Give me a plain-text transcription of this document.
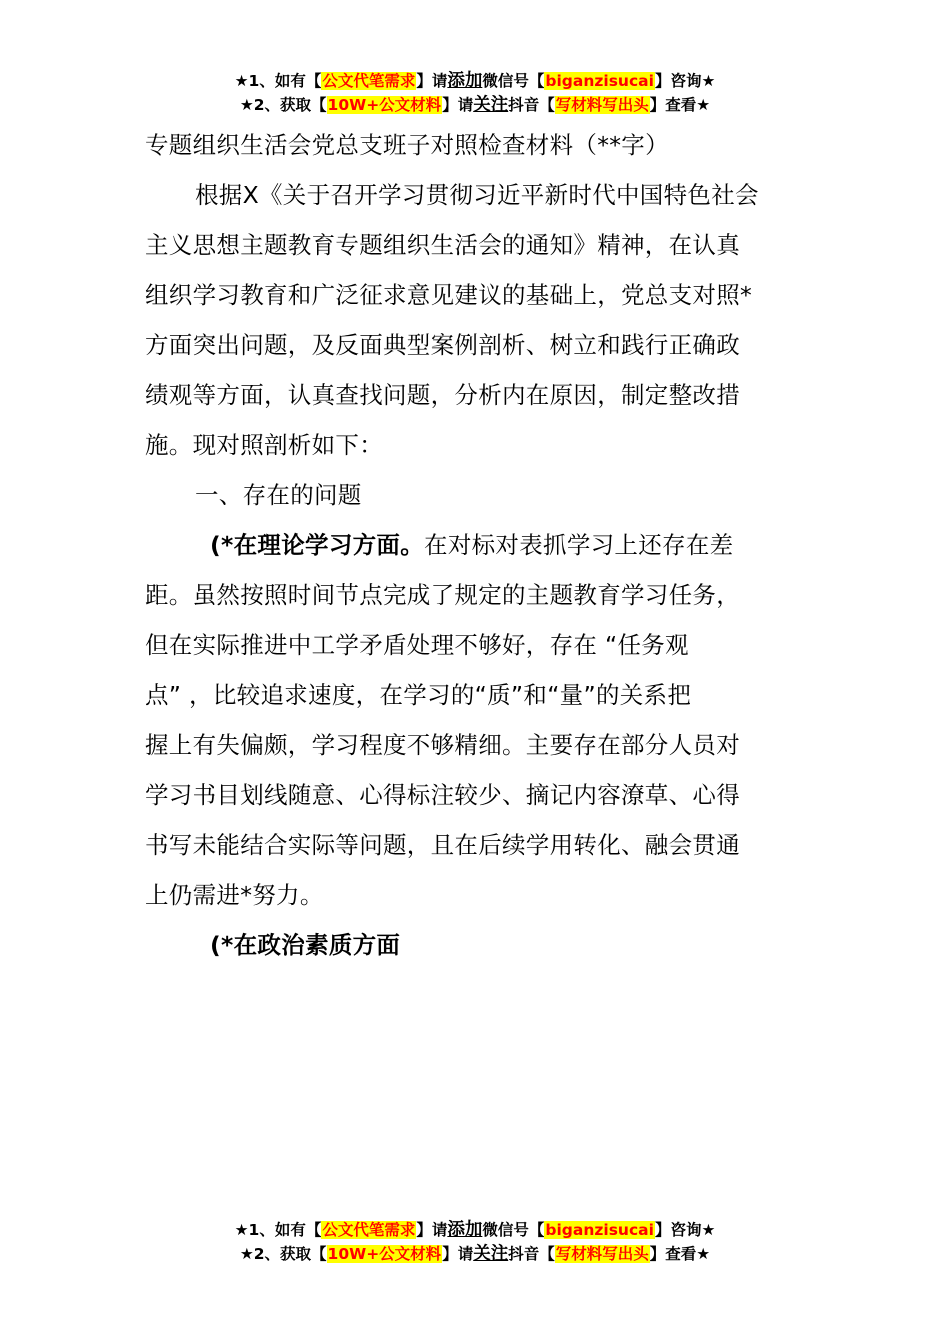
★1、如有【公文代笔需求】请添加微信号【biganzisucai】咨询★
★2、获取【10W+公文材料】请关注抖音【写材料写出头】查看★
专题组织生活会党总支班子对照检查材料（**字）

根据X《关于召开学习贯彻习近平新时代中国特色社会

主义思想主题教育专题组织生活会的通知》精神，在认真

组织学习教育和广泛征求意见建议的基础上，党总支对照*

方面突出问题，及反面典型案例剖析、树立和践行正确政

绩观等方面，认真查找问题，分析内在原因，制定整改措

施。现对照剖析如下：

一、存在的问题

(*在理论学习方面。在对标对表抓学习上还存在差

距。虽然按照时间节点完成了规定的主题教育学习任务，

但在实际推进中工学矛盾处理不够好，存在 “任务观

点” ，比较追求速度，在学习的“质”和“量”的关系把

握上有失偏颇，学习程度不够精细。主要存在部分人员对

学习书目划线随意、心得标注较少、摘记内容潦草、心得

书写未能结合实际等问题，且在后续学用转化、融会贯通

上仍需进*努力。

(*在政治素质方面

★1、如有【公文代笔需求】请添加微信号【biganzisucai】咨询★
★2、获取【10W+公文材料】请关注抖音【写材料写出头】查看★
